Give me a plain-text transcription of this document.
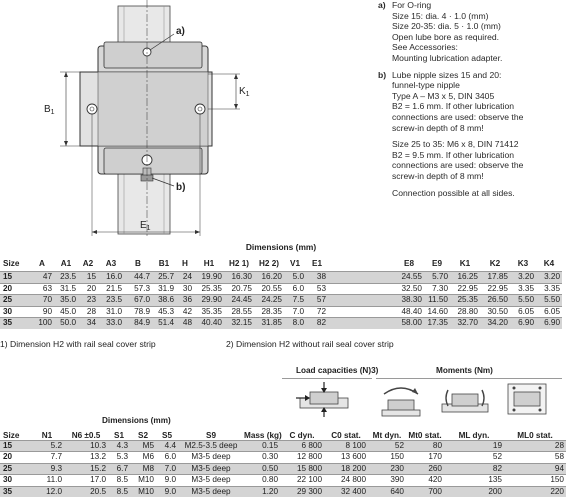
a)
b)
$K_1$
$B_1$
$E_1$
a) For O-ring
Size 15: dia. 4 · 1.0 (mm)
Size 20-35: dia. 5 · 1.0 (mm)
Open lube bore as required.
See Accessories:
Mounting lubrication adapter.
b) Lube nipple sizes 15 and 20:
funnel-type nipple
Type A – M3 x 5, DIN 3405
B2 = 1.6 mm. If other lubrication
connections are used: observe the
screw-in depth of 8 mm!
Size 25 to 35: M6 x 8, DIN 71412
B2 = 9.5 mm. If other lubrication
connections are used: observe the
screw-in depth of 8 mm!
Connection possible at all sides.
Dimensions (mm)
Size	A	A1	A2	A3	B	B1	H	H1	H2 1)	H2 2)	V1	E1				E8	E9	K1	K2	K3	K4
15	47	23.5	15	16.0	44.7	25.7	24	19.90	16.30	16.20	5.0	38				24.55	5.70	16.25	17.85	3.20	3.20
20	63	31.5	20	21.5	57.3	31.9	30	25.35	20.75	20.55	6.0	53				32.50	7.30	22.95	22.95	3.35	3.35
25	70	35.0	23	23.5	67.0	38.6	36	29.90	24.45	24.25	7.5	57				38.30	11.50	25.35	26.50	5.50	5.50
30	90	45.0	28	31.0	78.9	45.3	42	35.35	28.55	28.35	7.0	72				48.40	14.60	28.80	30.50	6.05	6.05
35	100	50.0	34	33.0	84.9	51.4	48	40.40	32.15	31.85	8.0	82				58.00	17.35	32.70	34.20	6.90	6.90
1) Dimension H2 with rail seal cover strip	2) Dimension H2 without rail seal cover strip
Dimensions (mm)
Load capacities (N)3)	Moments (Nm)
Size	N1	N6 ±0.5	S1	S2	S5	S9	Mass (kg)	C dyn.	C0 stat.	Mt dyn.	Mt0 stat.	ML dyn.	ML0 stat.
15	5.2	10.3	4.3	M5	4.4	M2.5-3.5 deep	0.15	6 800	8 100	52	80	19	28
20	7.7	13.2	5.3	M6	6.0	M3-5 deep	0.30	12 800	13 600	150	170	52	58
25	9.3	15.2	6.7	M8	7.0	M3-5 deep	0.50	15 800	18 200	230	260	82	94
30	11.0	17.0	8.5	M10	9.0	M3-5 deep	0.80	22 100	24 800	390	420	135	150
35	12.0	20.5	8.5	M10	9.0	M3-5 deep	1.20	29 300	32 400	640	700	200	220
